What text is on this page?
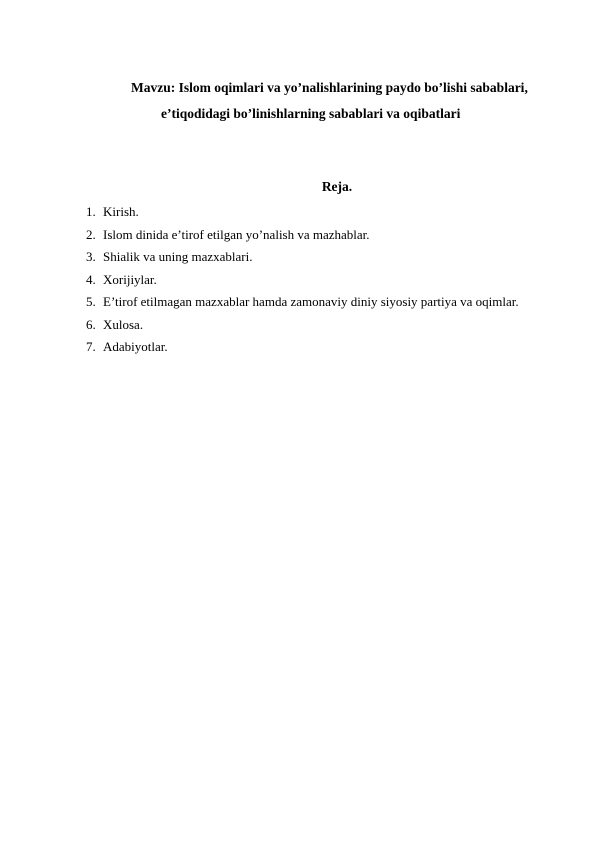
Mavzu: Islom oqimlari va yo’nalishlarining paydo bo’lishi sabablari,
e’tiqodidagi bo’linishlarning sabablari va oqibatlari
Reja.
1. Kirish.
2. Islom dinida e’tirof etilgan yo’nalish va mazhablar.
3. Shialik va uning mazxablari.
4. Xorijiylar.
5. E’tirof etilmagan mazxablar hamda zamonaviy diniy siyosiy partiya va oqimlar.
6. Xulosa.
7. Adabiyotlar.
